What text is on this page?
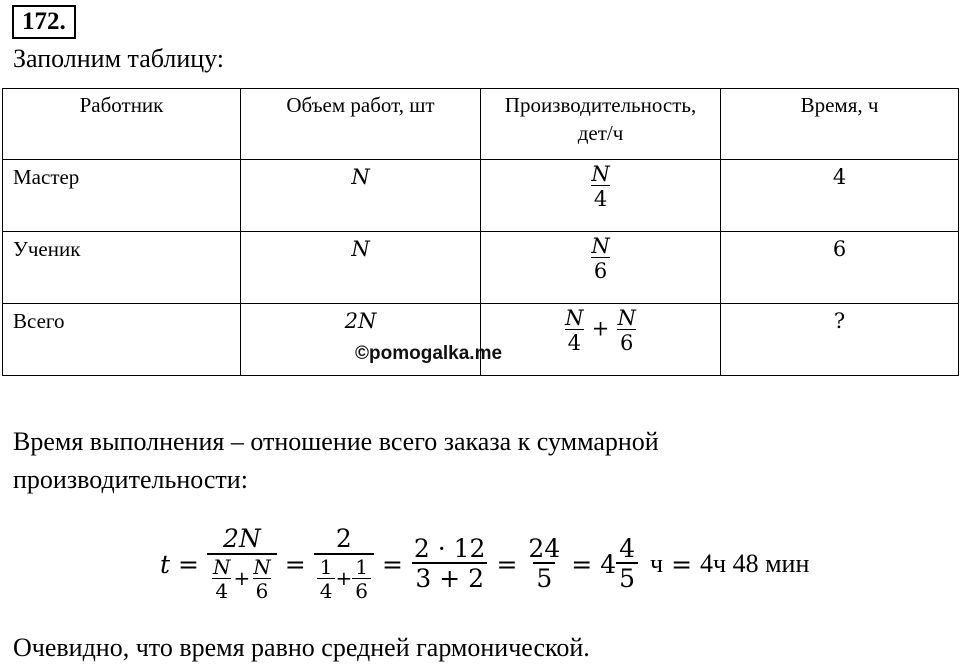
172.
Заполним таблицу:
Работник	Объем работ, шт	Производительность, дет/ч	Время, ч
Мастер	N	$\frac{N}{4}$	4
Ученик	N	$\frac{N}{6}$	6
Всего	2N	$\frac{N}{4} + \frac{N}{6}$	?
©pomogalka.me
Время выполнения – отношение всего заказа к суммарной
производительности:
$t = \frac{2N}{\frac{N}{4} + \frac{N}{6}} = \frac{2}{\frac{1}{4} + \frac{1}{6}} = \frac{2 \cdot 12}{3 + 2} = \frac{24}{5} = 4 \frac{4}{5}$ ч = 4ч 48 мин
Очевидно, что время равно средней гармонической.
